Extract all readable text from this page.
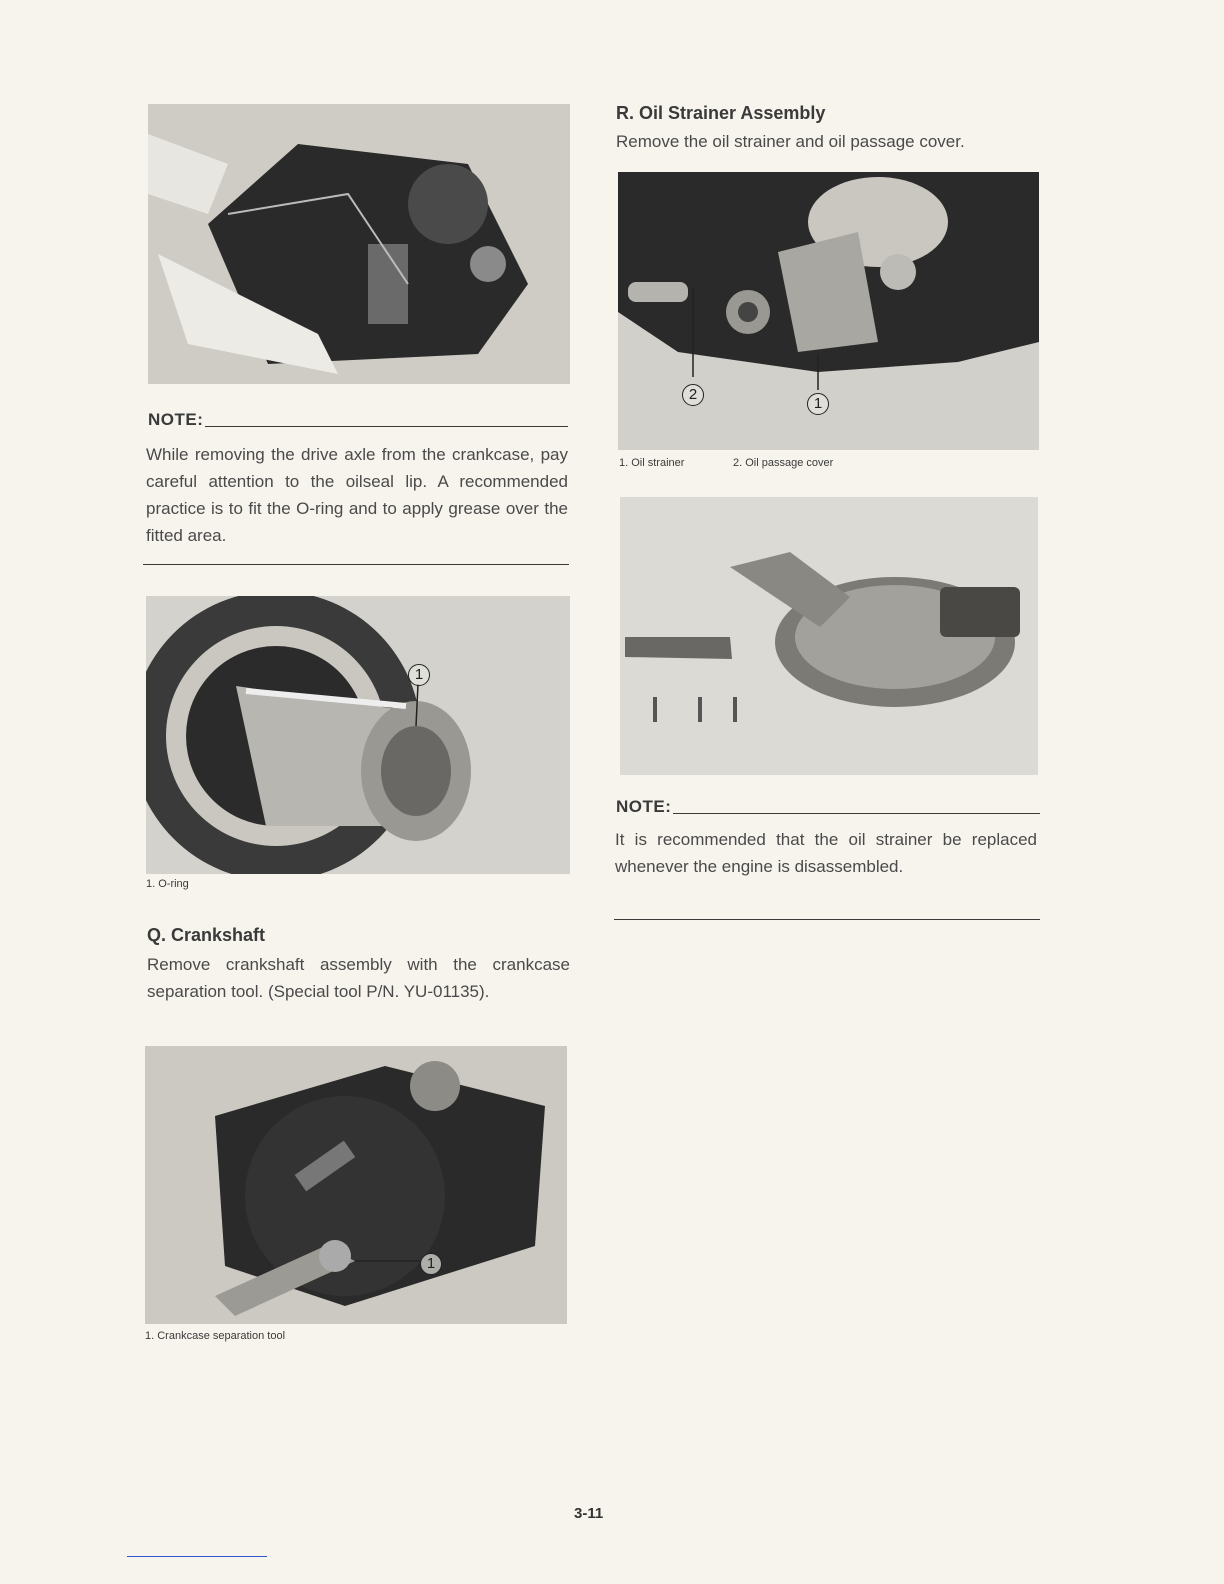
NOTE:

While removing the drive axle from the crankcase, pay careful attention to the oilseal lip. A recommended practice is to fit the O-ring and to apply grease over the fitted area.

1
1. O-ring
Q. Crankshaft

Remove crankshaft assembly with the crankcase separation tool. (Special tool P/N. YU-01135).

1
1. Crankcase separation tool
R. Oil Strainer Assembly

Remove the oil strainer and oil passage cover.

2
1
1. Oil strainer	2. Oil passage cover
NOTE:

It is recommended that the oil strainer be replaced whenever the engine is disassembled.

3-11
